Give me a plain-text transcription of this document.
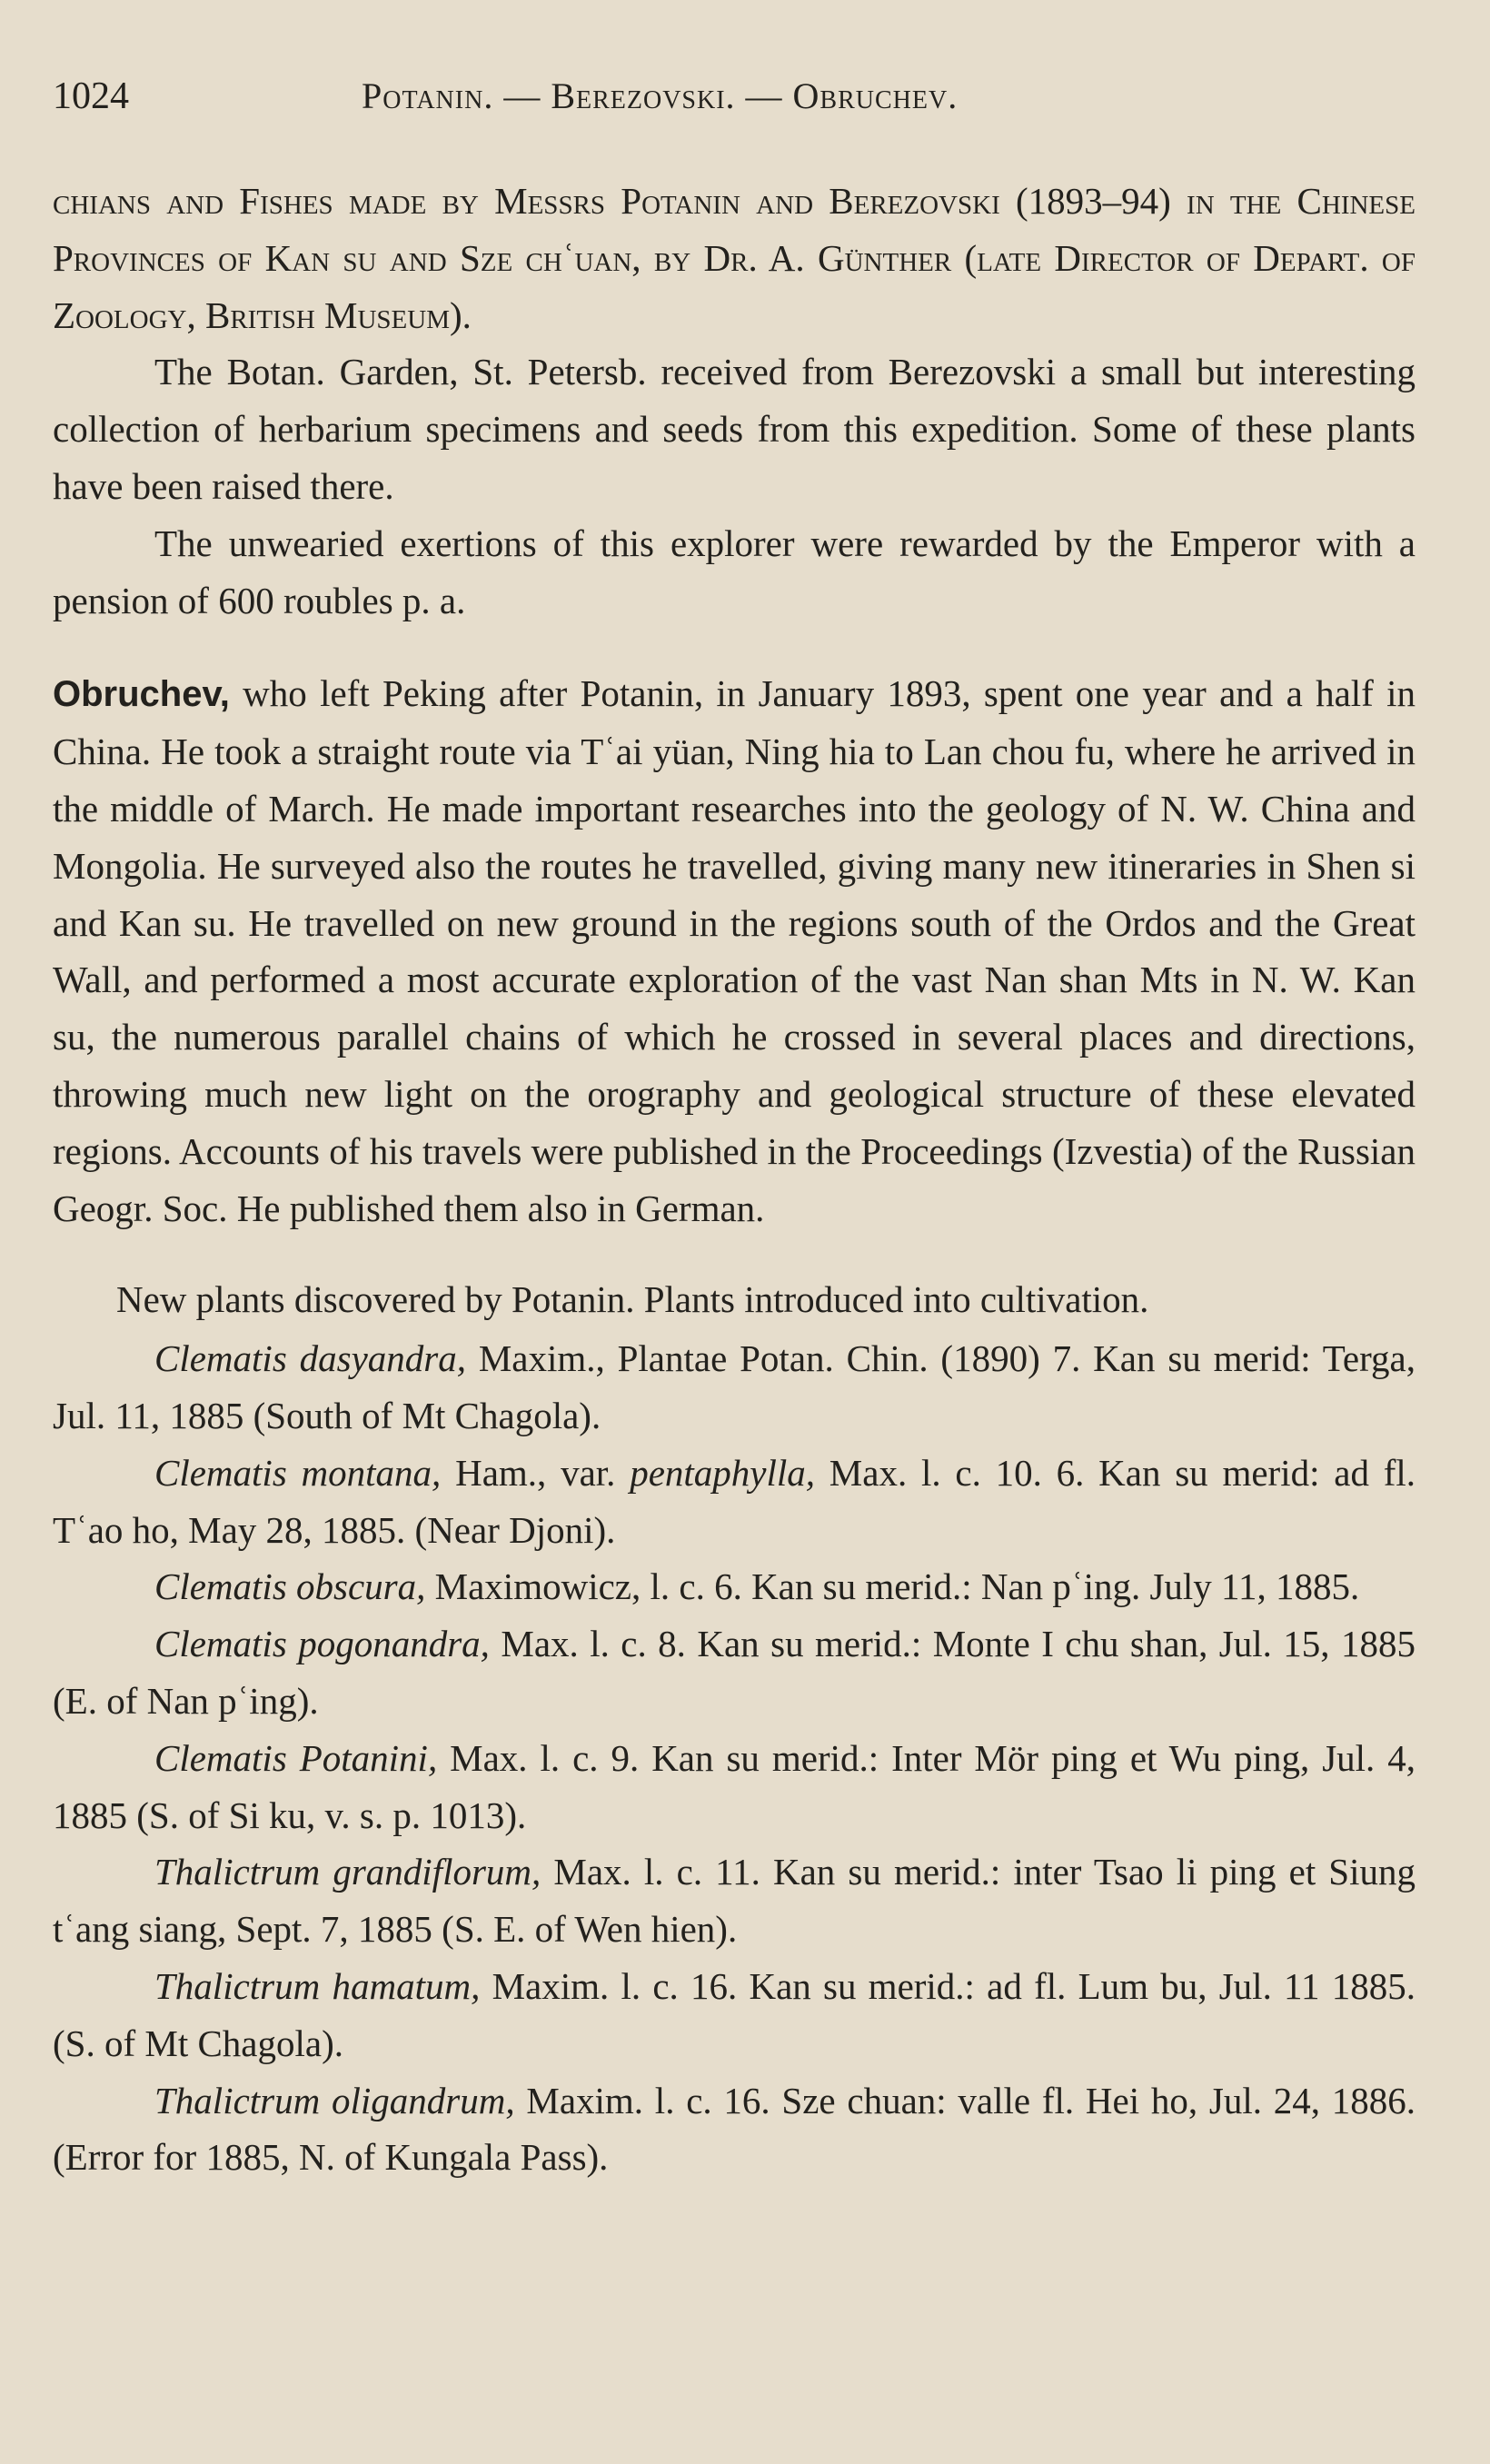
1024	Potanin. — Berezovski. — Obruchev.

chians and Fishes made by Messrs Potanin and Berezovski (1893–94) in the Chinese Provinces of Kan su and Sze chʿuan, by Dr. A. Günther (late Director of Depart. of Zoology, British Museum).

The Botan. Garden, St. Petersb. received from Berezovski a small but interesting collection of herbarium specimens and seeds from this expedition. Some of these plants have been raised there.

The unwearied exertions of this explorer were rewarded by the Emperor with a pension of 600 roubles p. a.

Obruchev, who left Peking after Potanin, in January 1893, spent one year and a half in China. He took a straight route via Tʿai yüan, Ning hia to Lan chou fu, where he arrived in the middle of March. He made important researches into the geology of N. W. China and Mongolia. He surveyed also the routes he travelled, giving many new itineraries in Shen si and Kan su. He travelled on new ground in the regions south of the Ordos and the Great Wall, and performed a most accurate exploration of the vast Nan shan Mts in N. W. Kan su, the numerous parallel chains of which he crossed in several places and directions, throwing much new light on the orography and geological structure of these elevated regions. Accounts of his travels were published in the Proceedings (Izvestia) of the Russian Geogr. Soc. He published them also in German.

New plants discovered by Potanin. Plants introduced into cultivation.

Clematis dasyandra, Maxim., Plantae Potan. Chin. (1890) 7. Kan su merid: Terga, Jul. 11, 1885 (South of Mt Chagola).

Clematis montana, Ham., var. pentaphylla, Max. l. c. 10. 6. Kan su merid: ad fl. Tʿao ho, May 28, 1885. (Near Djoni).

Clematis obscura, Maximowicz, l. c. 6. Kan su merid.: Nan pʿing. July 11, 1885.

Clematis pogonandra, Max. l. c. 8. Kan su merid.: Monte I chu shan, Jul. 15, 1885 (E. of Nan pʿing).

Clematis Potanini, Max. l. c. 9. Kan su merid.: Inter Mör ping et Wu ping, Jul. 4, 1885 (S. of Si ku, v. s. p. 1013).

Thalictrum grandiflorum, Max. l. c. 11. Kan su merid.: inter Tsao li ping et Siung tʿang siang, Sept. 7, 1885 (S. E. of Wen hien).

Thalictrum hamatum, Maxim. l. c. 16. Kan su merid.: ad fl. Lum bu, Jul. 11 1885. (S. of Mt Chagola).

Thalictrum oligandrum, Maxim. l. c. 16. Sze chuan: valle fl. Hei ho, Jul. 24, 1886. (Error for 1885, N. of Kungala Pass).
